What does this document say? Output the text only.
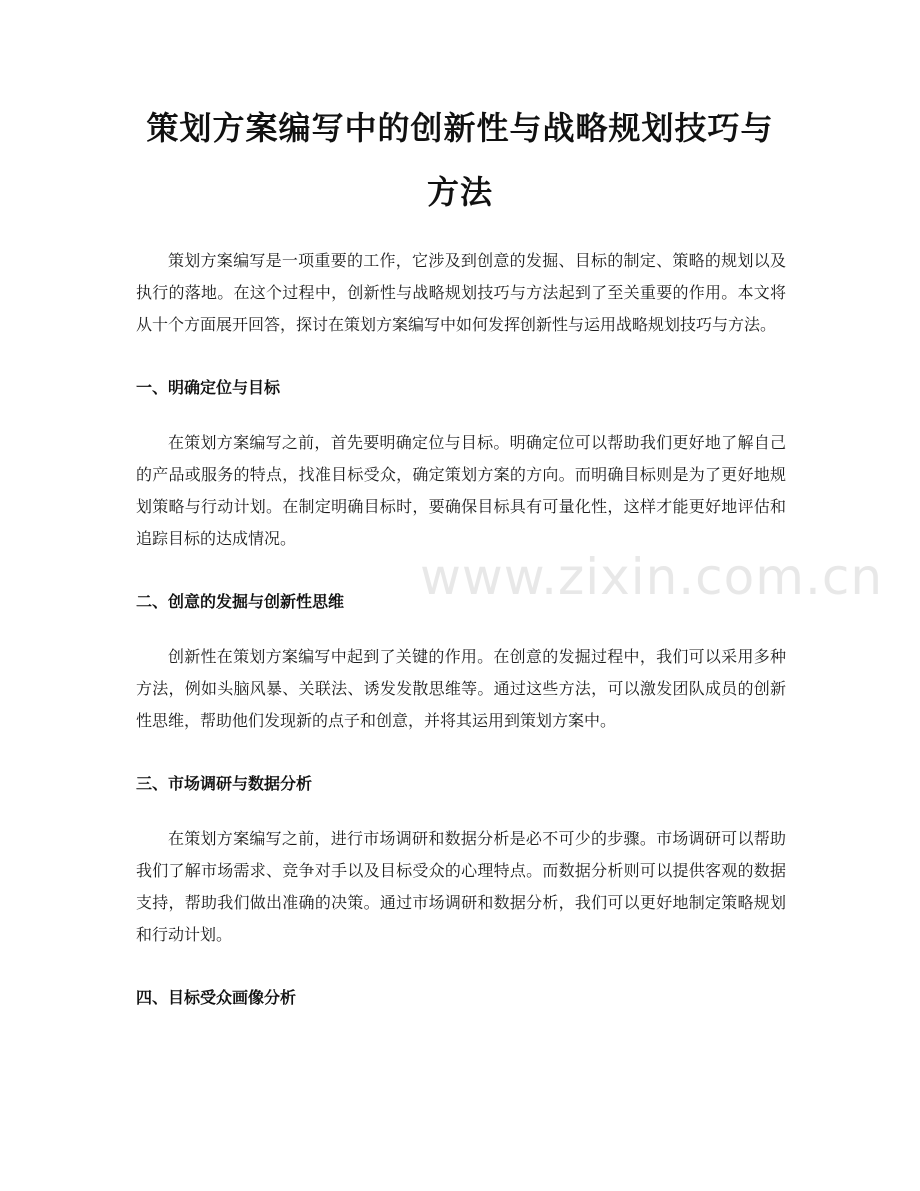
策划方案编写中的创新性与战略规划技巧与
方法

策划方案编写是一项重要的工作，它涉及到创意的发掘、目标的制定、策略的规划以及执行的落地。在这个过程中，创新性与战略规划技巧与方法起到了至关重要的作用。本文将从十个方面展开回答，探讨在策划方案编写中如何发挥创新性与运用战略规划技巧与方法。

一、明确定位与目标

在策划方案编写之前，首先要明确定位与目标。明确定位可以帮助我们更好地了解自己的产品或服务的特点，找准目标受众，确定策划方案的方向。而明确目标则是为了更好地规划策略与行动计划。在制定明确目标时，要确保目标具有可量化性，这样才能更好地评估和追踪目标的达成情况。

二、创意的发掘与创新性思维

创新性在策划方案编写中起到了关键的作用。在创意的发掘过程中，我们可以采用多种方法，例如头脑风暴、关联法、诱发发散思维等。通过这些方法，可以激发团队成员的创新性思维，帮助他们发现新的点子和创意，并将其运用到策划方案中。

三、市场调研与数据分析

在策划方案编写之前，进行市场调研和数据分析是必不可少的步骤。市场调研可以帮助我们了解市场需求、竞争对手以及目标受众的心理特点。而数据分析则可以提供客观的数据支持，帮助我们做出准确的决策。通过市场调研和数据分析，我们可以更好地制定策略规划和行动计划。

四、目标受众画像分析
www.zixin.com.cn
